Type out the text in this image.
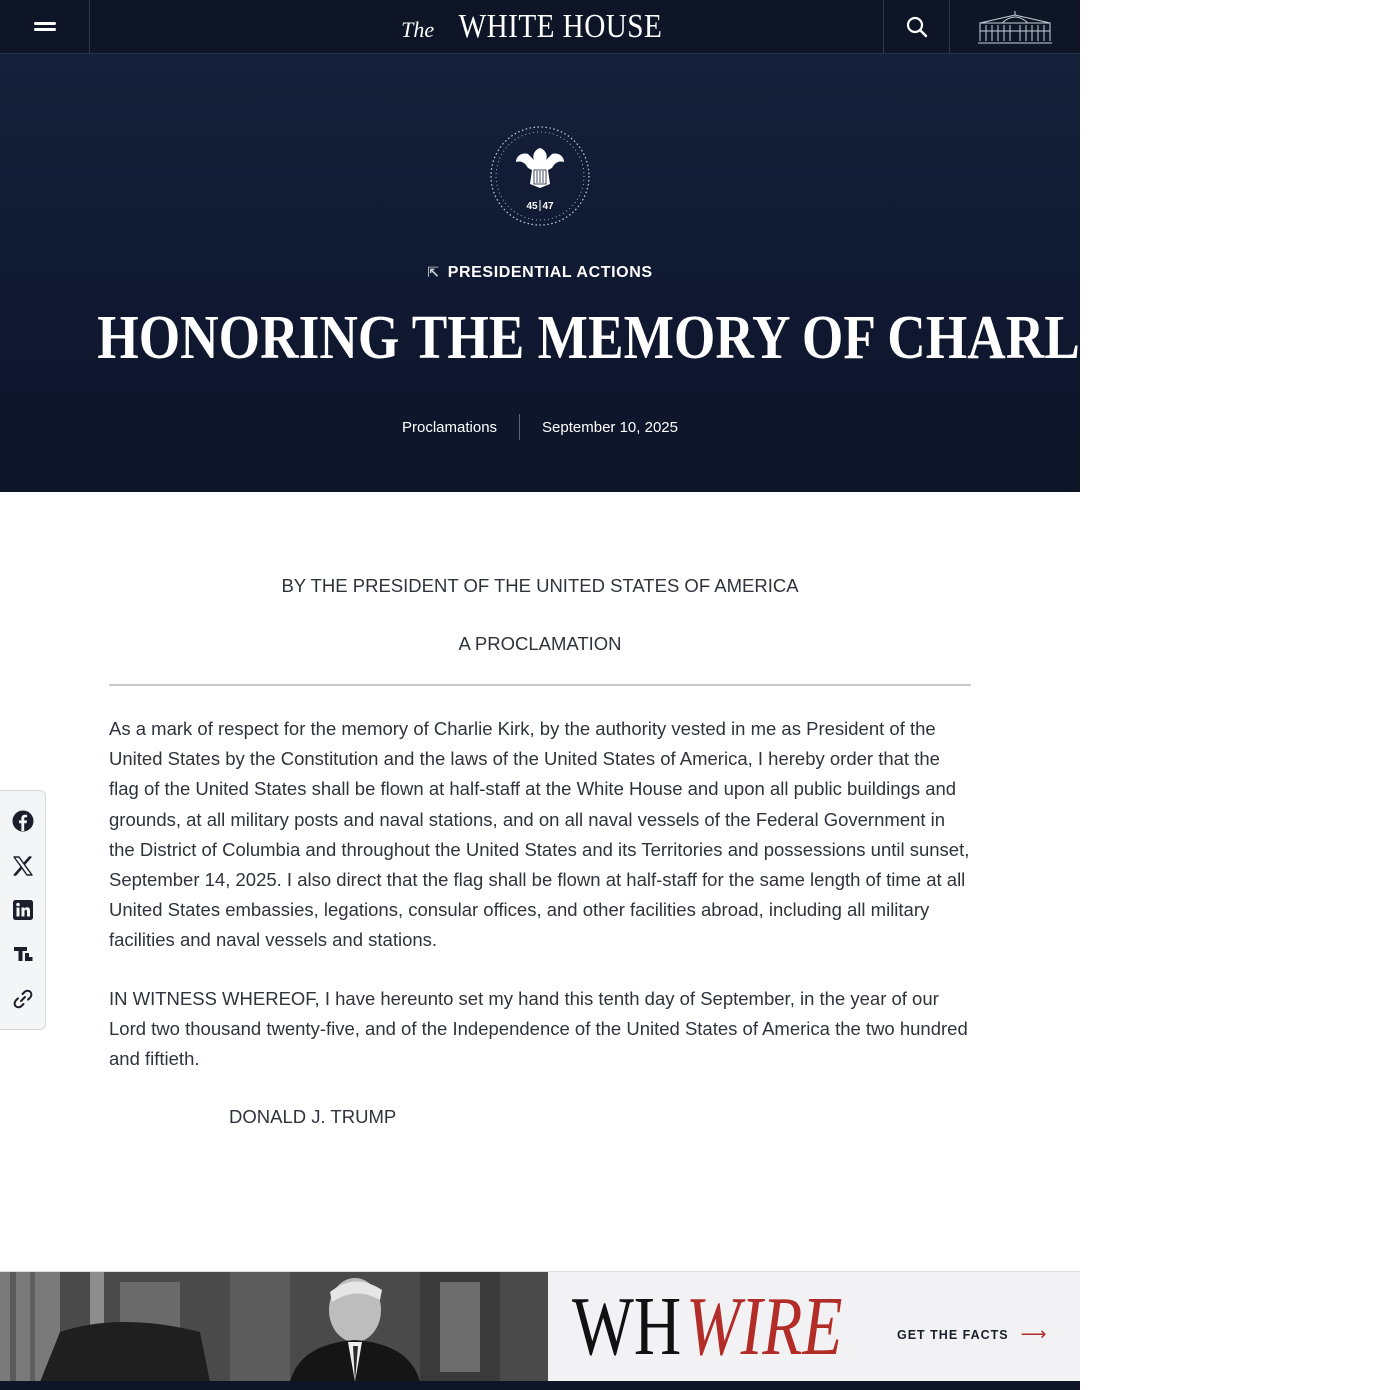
The WHITE HOUSE
45 47
⇱ PRESIDENTIAL ACTIONS
HONORING THE MEMORY OF CHARLIE KIRK
Proclamations	September 10, 2025
BY THE PRESIDENT OF THE UNITED STATES OF AMERICA
A PROCLAMATION

As a mark of respect for the memory of Charlie Kirk, by the authority vested in me as President of the United States by the Constitution and the laws of the United States of America, I hereby order that the flag of the United States shall be flown at half-staff at the White House and upon all public buildings and grounds, at all military posts and naval stations, and on all naval vessels of the Federal Government in the District of Columbia and throughout the United States and its Territories and possessions until sunset, September 14, 2025. I also direct that the flag shall be flown at half-staff for the same length of time at all United States embassies, legations, consular offices, and other facilities abroad, including all military facilities and naval vessels and stations.

IN WITNESS WHEREOF, I have hereunto set my hand this tenth day of September, in the year of our Lord two thousand twenty-five, and of the Independence of the United States of America the two hundred and fiftieth.

DONALD J. TRUMP

WHWIRE	GET THE FACTS ⟶
